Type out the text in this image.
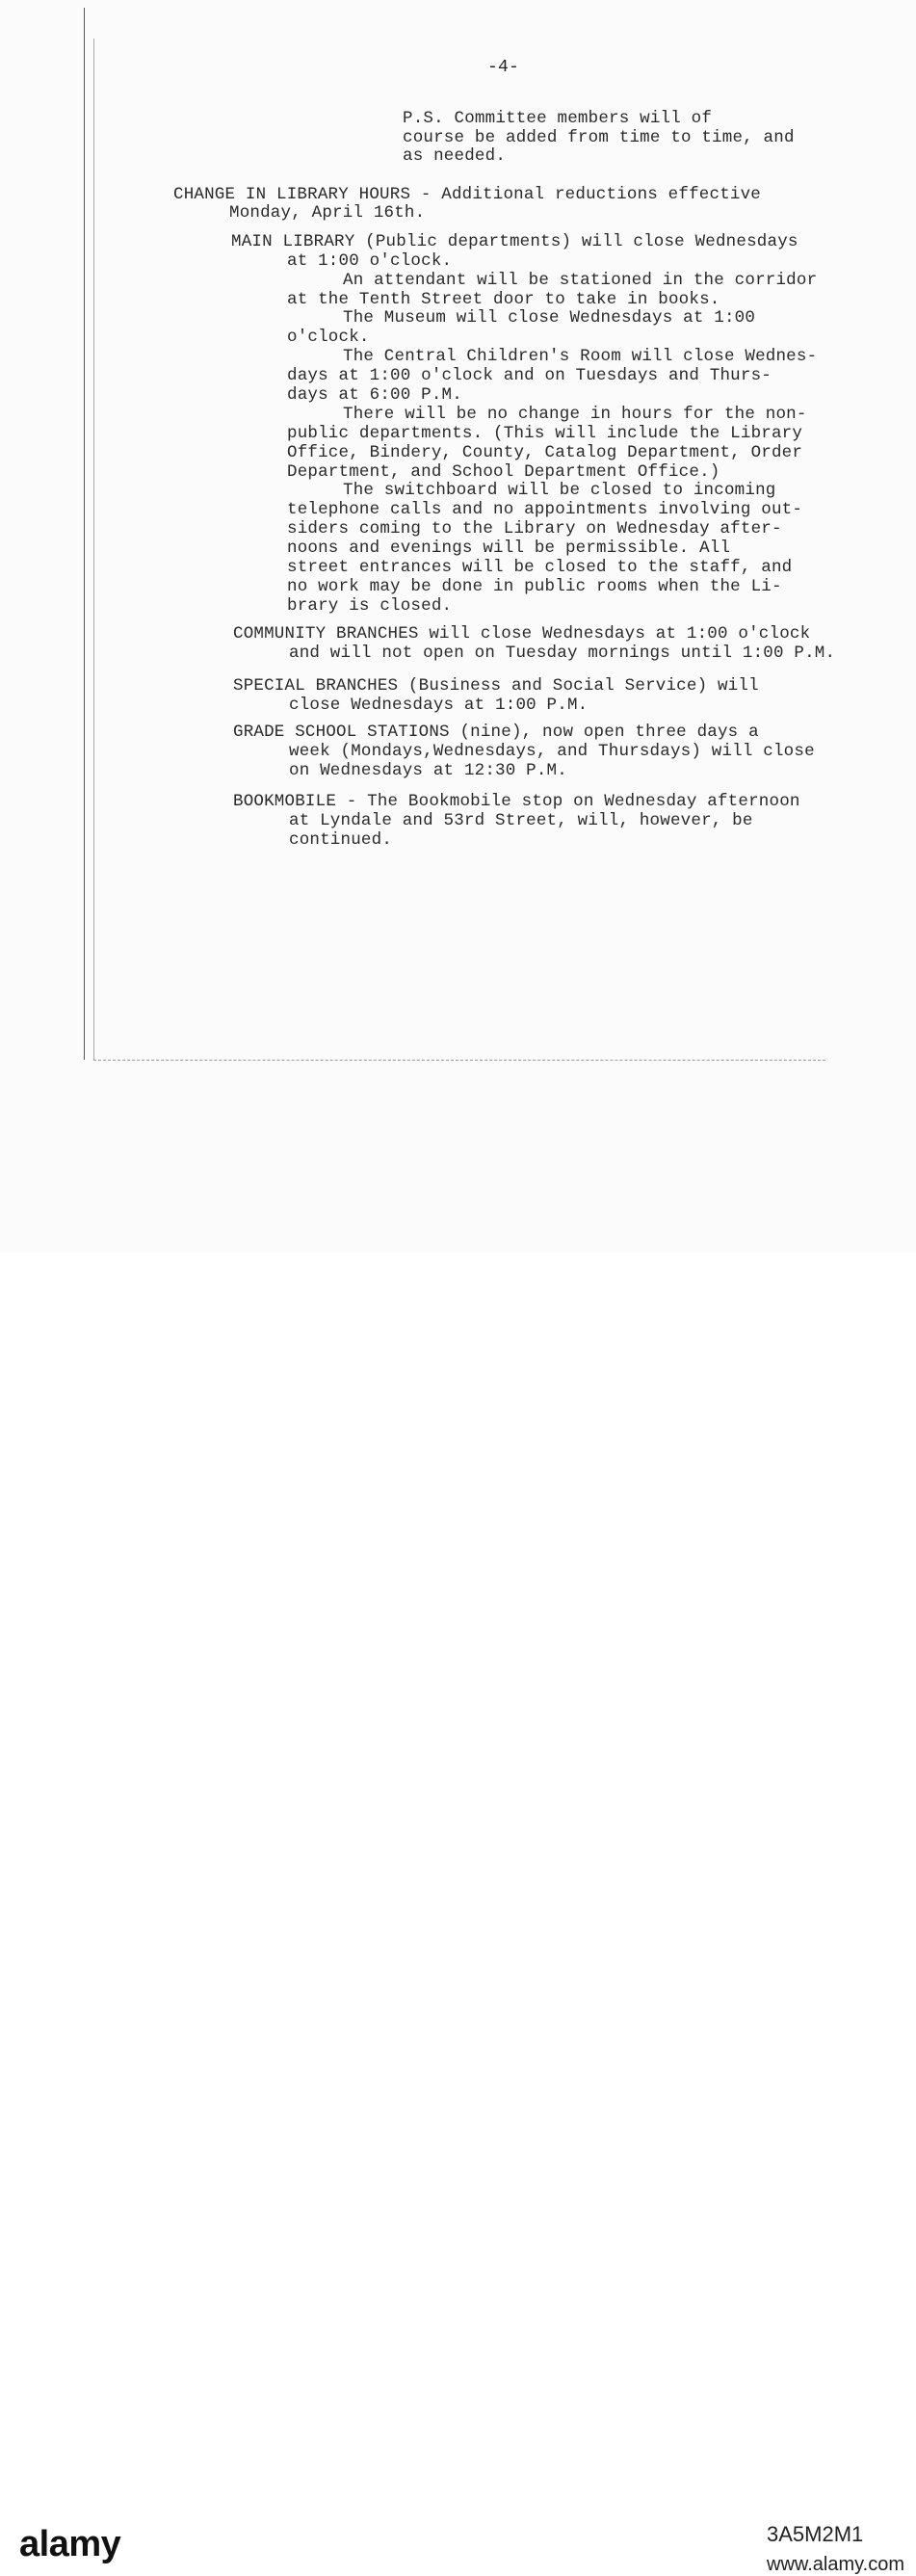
-4-
P.S. Committee members will of
course be added from time to time, and
as needed.
CHANGE IN LIBRARY HOURS - Additional reductions effective
Monday, April 16th.
MAIN LIBRARY (Public departments) will close Wednesdays
at 1:00 o'clock.
An attendant will be stationed in the corridor
at the Tenth Street door to take in books.
The Museum will close Wednesdays at 1:00
o'clock.
The Central Children's Room will close Wednes-
days at 1:00 o'clock and on Tuesdays and Thurs-
days at 6:00 P.M.
There will be no change in hours for the non-
public departments. (This will include the Library
Office, Bindery, County, Catalog Department, Order
Department, and School Department Office.)
The switchboard will be closed to incoming
telephone calls and no appointments involving out-
siders coming to the Library on Wednesday after-
noons and evenings will be permissible. All
street entrances will be closed to the staff, and
no work may be done in public rooms when the Li-
brary is closed.
COMMUNITY BRANCHES will close Wednesdays at 1:00 o'clock
and will not open on Tuesday mornings until 1:00 P.M.
SPECIAL BRANCHES (Business and Social Service) will
close Wednesdays at 1:00 P.M.
GRADE SCHOOL STATIONS (nine), now open three days a
week (Mondays,Wednesdays, and Thursdays) will close
on Wednesdays at 12:30 P.M.
BOOKMOBILE - The Bookmobile stop on Wednesday afternoon
at Lyndale and 53rd Street, will, however, be
continued.
alamy	3A5M2M1
www.alamy.com
